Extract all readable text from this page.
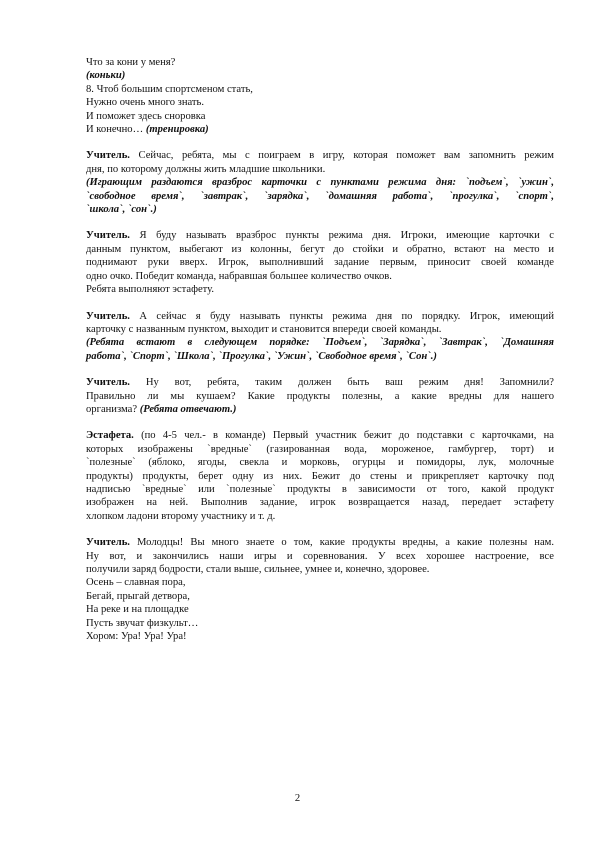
Что за кони у меня?
(коньки)
8. Чтоб большим спортсменом стать,
Нужно очень много знать.
И поможет здесь сноровка
И конечно… (тренировка)
Учитель. Сейчас, ребята, мы с поиграем в игру, которая поможет вам запомнить режим
дня, по которому должны жить младшие школьники.
(Играющим раздаются вразброс карточки с пунктами режима дня: `подъем`, `ужин`,
`свободное время`, `завтрак`, `зарядка`, `домашняя работа`, `прогулка`, `спорт`,
`школа`, `сон`.)
Учитель. Я буду называть вразброс пункты режима дня. Игроки, имеющие карточки с
данным пунктом, выбегают из колонны, бегут до стойки и обратно, встают на место и
поднимают руки вверх. Игрок, выполнивший задание первым, приносит своей команде
одно очко. Победит команда, набравшая большее количество очков.
Ребята выполняют эстафету.
Учитель. А сейчас я буду называть пункты режима дня по порядку. Игрок, имеющий
карточку с названным пунктом, выходит и становится впереди своей команды.
(Ребята встают в следующем порядке: `Подъем`, `Зарядка`, `Завтрак`, `Домашняя
работа`, `Спорт`, `Школа`, `Прогулка`, `Ужин`, `Свободное время`, `Сон`.)
Учитель. Ну вот, ребята, таким должен быть ваш режим дня! Запомнили?
Правильно ли мы кушаем? Какие продукты полезны, а какие вредны для нашего
организма? (Ребята отвечают.)
Эстафета. (по 4-5 чел.- в команде) Первый участник бежит до подставки с карточками, на
которых изображены `вредные` (газированная вода, мороженое, гамбургер, торт) и
`полезные` (яблоко, ягоды, свекла и морковь, огурцы и помидоры, лук, молочные
продукты) продукты, берет одну из них. Бежит до стены и прикрепляет карточку под
надписью `вредные` или `полезные` продукты в зависимости от того, какой продукт
изображен на ней. Выполнив задание, игрок возвращается назад, передает эстафету
хлопком ладони второму участнику и т. д.
Учитель. Молодцы! Вы много знаете о том, какие продукты вредны, а какие полезны нам.
Ну вот, и закончились наши игры и соревнования. У всех хорошее настроение, все
получили заряд бодрости, стали выше, сильнее, умнее и, конечно, здоровее.
Осень – славная пора,
Бегай, прыгай детвора,
На реке и на площадке
Пусть звучат физкульт…
Хором: Ура! Ура! Ура!
2
